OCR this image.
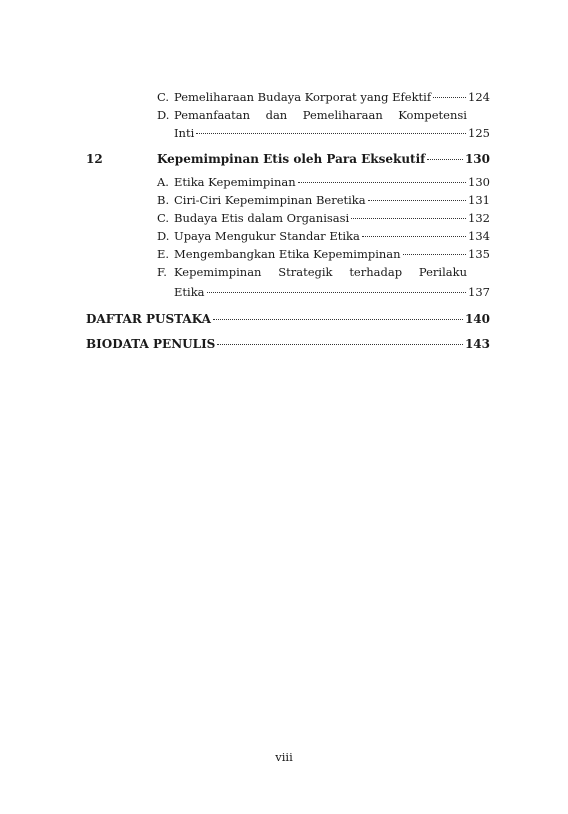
C. Pemeliharaan Budaya Korporat yang Efektif	124
D. Pemanfaatan dan Pemeliharaan Kompetensi
Inti	125
12	Kepemimpinan Etis oleh Para Eksekutif	130
A. Etika Kepemimpinan	130
B. Ciri-Ciri Kepemimpinan Beretika	131
C. Budaya Etis dalam Organisasi	132
D. Upaya Mengukur Standar Etika	134
E. Mengembangkan Etika Kepemimpinan	135
F. Kepemimpinan Strategik terhadap Perilaku
Etika	137
DAFTAR PUSTAKA	140
BIODATA PENULIS	143
viii
